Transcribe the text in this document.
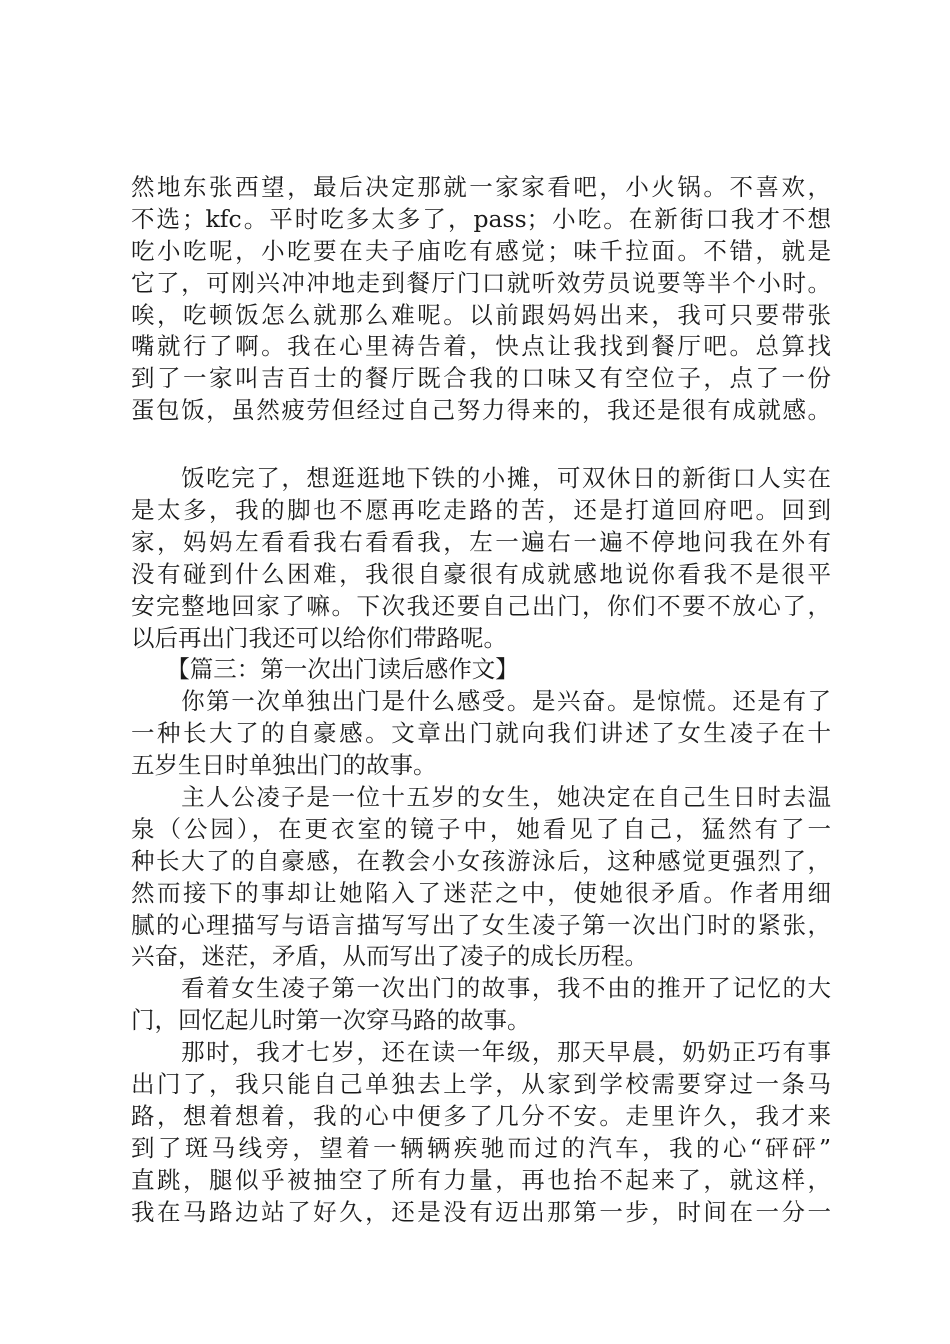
然地东张西望，最后决定那就一家家看吧，小火锅。不喜欢，
不选；kfc。平时吃多太多了，pass；小吃。在新街口我才不想
吃小吃呢，小吃要在夫子庙吃有感觉；味千拉面。不错，就是
它了，可刚兴冲冲地走到餐厅门口就听效劳员说要等半个小时。
唉，吃顿饭怎么就那么难呢。以前跟妈妈出来，我可只要带张
嘴就行了啊。我在心里祷告着，快点让我找到餐厅吧。总算找
到了一家叫吉百士的餐厅既合我的口味又有空位子，点了一份
蛋包饭，虽然疲劳但经过自己努力得来的，我还是很有成就感。
　　饭吃完了，想逛逛地下铁的小摊，可双休日的新街口人实在
是太多，我的脚也不愿再吃走路的苦，还是打道回府吧。回到
家，妈妈左看看我右看看我，左一遍右一遍不停地问我在外有
没有碰到什么困难，我很自豪很有成就感地说你看我不是很平
安完整地回家了嘛。下次我还要自己出门，你们不要不放心了，
以后再出门我还可以给你们带路呢。
　　【篇三：第一次出门读后感作文】
　　你第一次单独出门是什么感受。是兴奋。是惊慌。还是有了
一种长大了的自豪感。文章出门就向我们讲述了女生凌子在十
五岁生日时单独出门的故事。
　　主人公凌子是一位十五岁的女生，她决定在自己生日时去温
泉（公园），在更衣室的镜子中，她看见了自己，猛然有了一
种长大了的自豪感，在教会小女孩游泳后，这种感觉更强烈了，
然而接下的事却让她陷入了迷茫之中，使她很矛盾。作者用细
腻的心理描写与语言描写写出了女生凌子第一次出门时的紧张，
兴奋，迷茫，矛盾，从而写出了凌子的成长历程。
　　看着女生凌子第一次出门的故事，我不由的推开了记忆的大
门，回忆起儿时第一次穿马路的故事。
　　那时，我才七岁，还在读一年级，那天早晨，奶奶正巧有事
出门了，我只能自己单独去上学，从家到学校需要穿过一条马
路，想着想着，我的心中便多了几分不安。走里许久，我才来
到了斑马线旁，望着一辆辆疾驰而过的汽车，我的心“砰砰”
直跳，腿似乎被抽空了所有力量，再也抬不起来了，就这样，
我在马路边站了好久，还是没有迈出那第一步，时间在一分一
